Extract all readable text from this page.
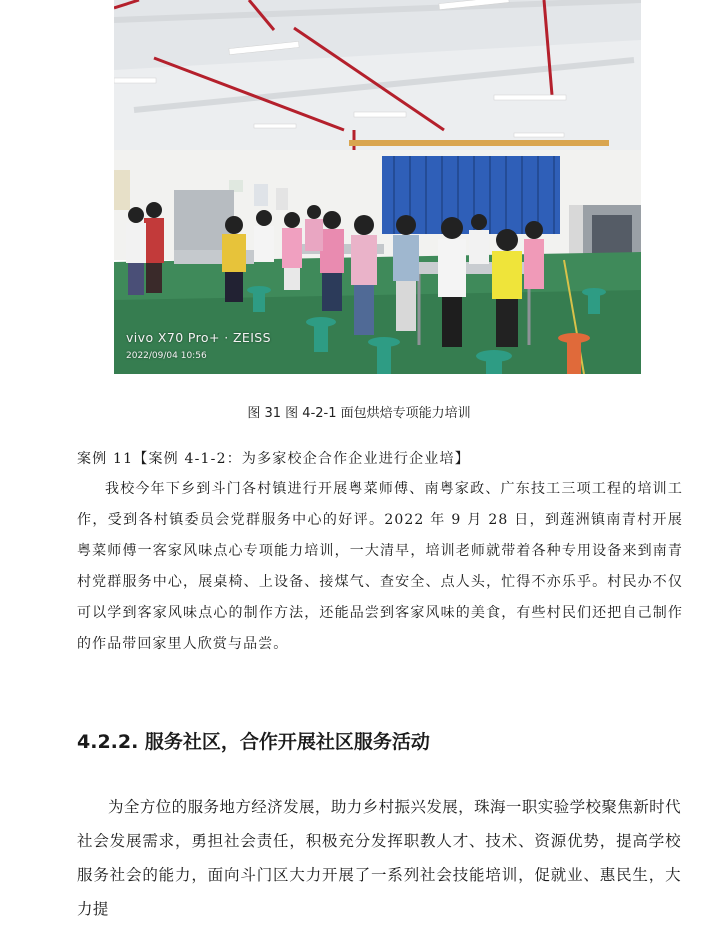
vivo X70 Pro+ · ZEISS
2022/09/04 10:56
图 31 图 4-2-1 面包烘焙专项能力培训
案例 11【案例 4-1-2：为多家校企合作企业进行企业培】

我校今年下乡到斗门各村镇进行开展粤菜师傅、南粤家政、广东技工三项工程的培训工作，受到各村镇委员会党群服务中心的好评。2022 年 9 月 28 日，到莲洲镇南青村开展粤菜师傅一客家风味点心专项能力培训，一大清早，培训老师就带着各种专用设备来到南青村党群服务中心，展桌椅、上设备、接煤气、查安全、点人头，忙得不亦乐乎。村民办不仅可以学到客家风味点心的制作方法，还能品尝到客家风味的美食，有些村民们还把自己制作的作品带回家里人欣赏与品尝。

4.2.2. 服务社区，合作开展社区服务活动

为全方位的服务地方经济发展，助力乡村振兴发展，珠海一职实验学校聚焦新时代社会发展需求，勇担社会责任，积极充分发挥职教人才、技术、资源优势，提高学校服务社会的能力，面向斗门区大力开展了一系列社会技能培训，促就业、惠民生，大力提
